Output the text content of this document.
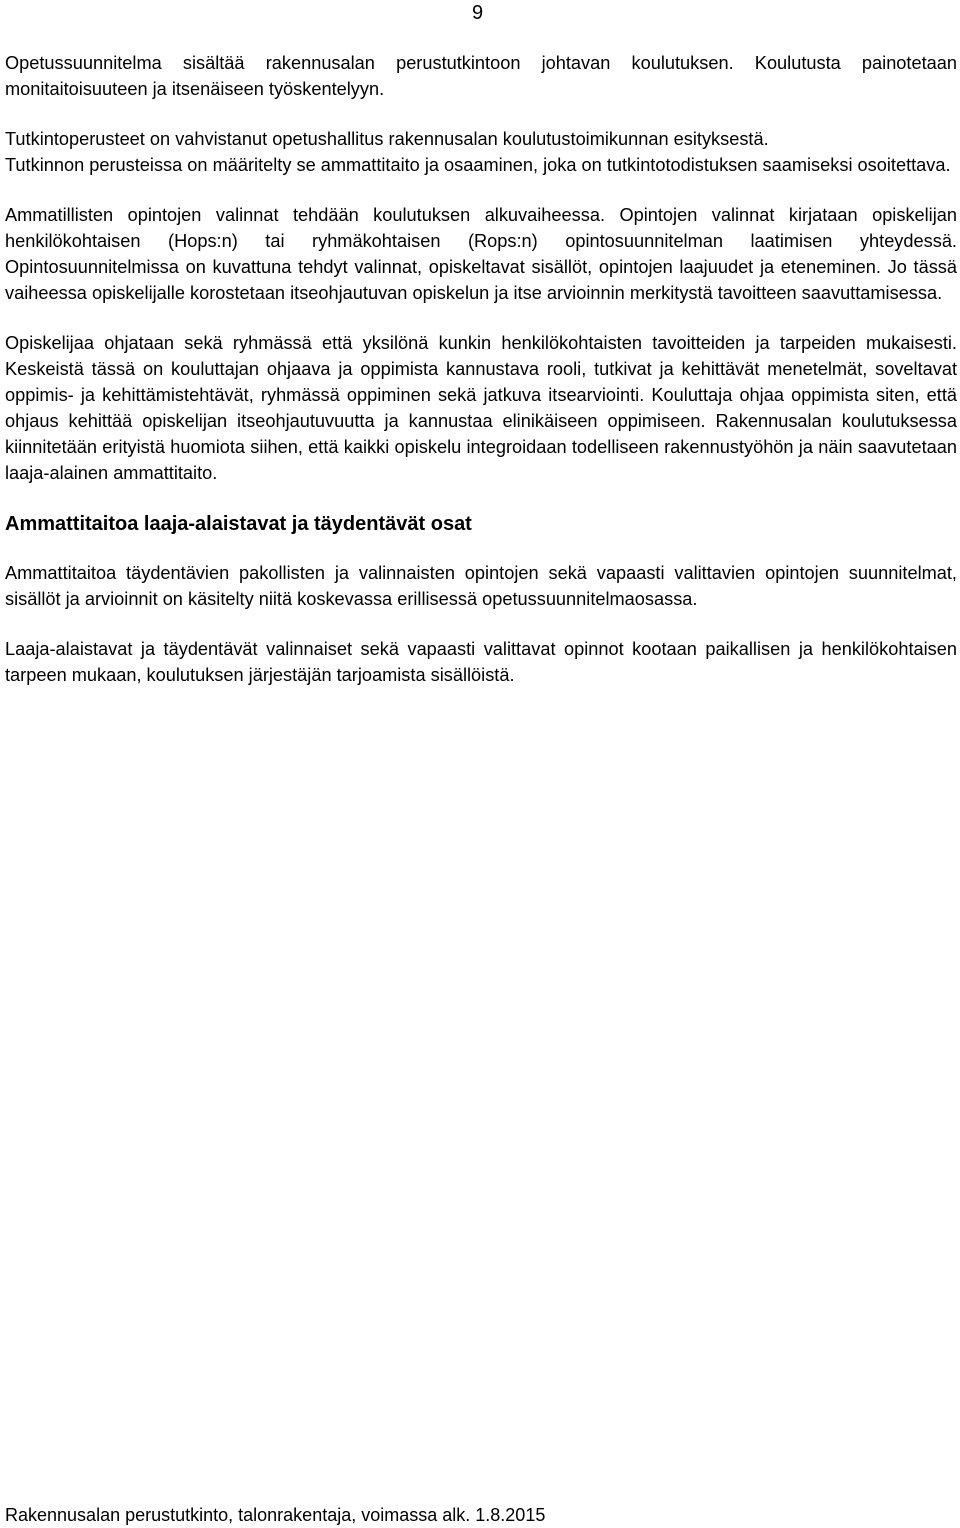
9

Opetussuunnitelma sisältää rakennusalan perustutkintoon johtavan koulutuksen. Koulutusta painotetaan monitaitoisuuteen ja itsenäiseen työskentelyyn.

Tutkintoperusteet on vahvistanut opetushallitus rakennusalan koulutustoimikunnan esityksestä.

Tutkinnon perusteissa on määritelty se ammattitaito ja osaaminen, joka on tutkintotodistuksen saamiseksi osoitettava.

Ammatillisten opintojen valinnat tehdään koulutuksen alkuvaiheessa. Opintojen valinnat kirjataan opiskelijan henkilökohtaisen (Hops:n) tai ryhmäkohtaisen (Rops:n) opintosuunnitelman laatimisen yhteydessä. Opintosuunnitelmissa on kuvattuna tehdyt valinnat, opiskeltavat sisällöt, opintojen laajuudet ja eteneminen. Jo tässä vaiheessa opiskelijalle korostetaan itseohjautuvan opiskelun ja itse arvioinnin merkitystä tavoitteen saavuttamisessa.

Opiskelijaa ohjataan sekä ryhmässä että yksilönä kunkin henkilökohtaisten tavoitteiden ja tarpeiden mukaisesti. Keskeistä tässä on kouluttajan ohjaava ja oppimista kannustava rooli, tutkivat ja kehittävät menetelmät, soveltavat oppimis- ja kehittämistehtävät, ryhmässä oppiminen sekä jatkuva itsearviointi. Kouluttaja ohjaa oppimista siten, että ohjaus kehittää opiskelijan itseohjautuvuutta ja kannustaa elinikäiseen oppimiseen. Rakennusalan koulutuksessa kiinnitetään erityistä huomiota siihen, että kaikki opiskelu integroidaan todelliseen rakennustyöhön ja näin saavutetaan laaja-alainen ammattitaito.

Ammattitaitoa laaja-alaistavat ja täydentävät osat

Ammattitaitoa täydentävien pakollisten ja valinnaisten opintojen sekä vapaasti valittavien opintojen suunnitelmat, sisällöt ja arvioinnit on käsitelty niitä koskevassa erillisessä opetussuunnitelmaosassa.

Laaja-alaistavat ja täydentävät valinnaiset sekä vapaasti valittavat opinnot kootaan paikallisen ja henkilökohtaisen tarpeen mukaan, koulutuksen järjestäjän tarjoamista sisällöistä.

Rakennusalan perustutkinto, talonrakentaja, voimassa alk. 1.8.2015
